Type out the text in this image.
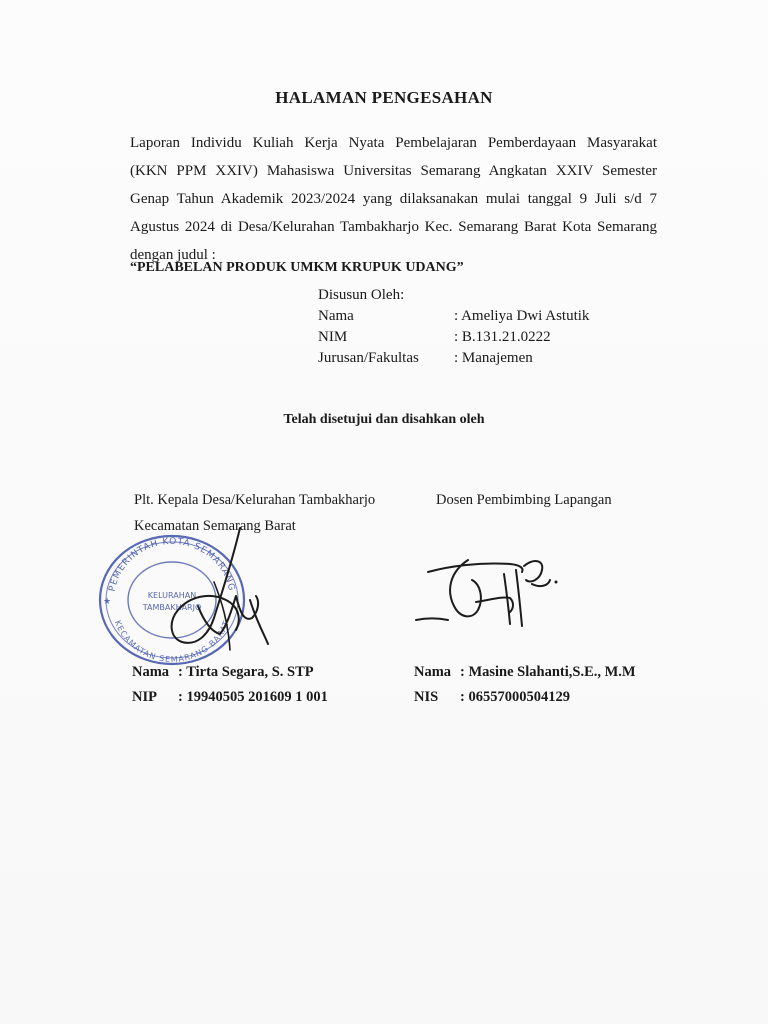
HALAMAN PENGESAHAN
Laporan Individu Kuliah Kerja Nyata Pembelajaran Pemberdayaan Masyarakat
(KKN PPM XXIV) Mahasiswa Universitas Semarang Angkatan XXIV Semester
Genap Tahun Akademik 2023/2024 yang dilaksanakan mulai tanggal 9 Juli s/d 7
Agustus 2024 di Desa/Kelurahan Tambakharjo Kec. Semarang Barat Kota Semarang
dengan judul :
“PELABELAN PRODUK UMKM KRUPUK UDANG”
Disusun Oleh:
Nama	: Ameliya Dwi Astutik
NIM	: B.131.21.0222
Jurusan/Fakultas	: Manajemen
Telah disetujui dan disahkan oleh
Plt. Kepala Desa/Kelurahan Tambakharjo
Kecamatan Semarang Barat
Dosen Pembimbing Lapangan
PEMERINTAH KOTA SEMARANG
KECAMATAN SEMARANG BARAT
KELURAHAN
TAMBAKHARJO
★
Nama : Tirta Segara, S. STP
NIP	: 19940505 201609 1 001
Nama : Masine Slahanti,S.E., M.M
NIS	: 06557000504129
